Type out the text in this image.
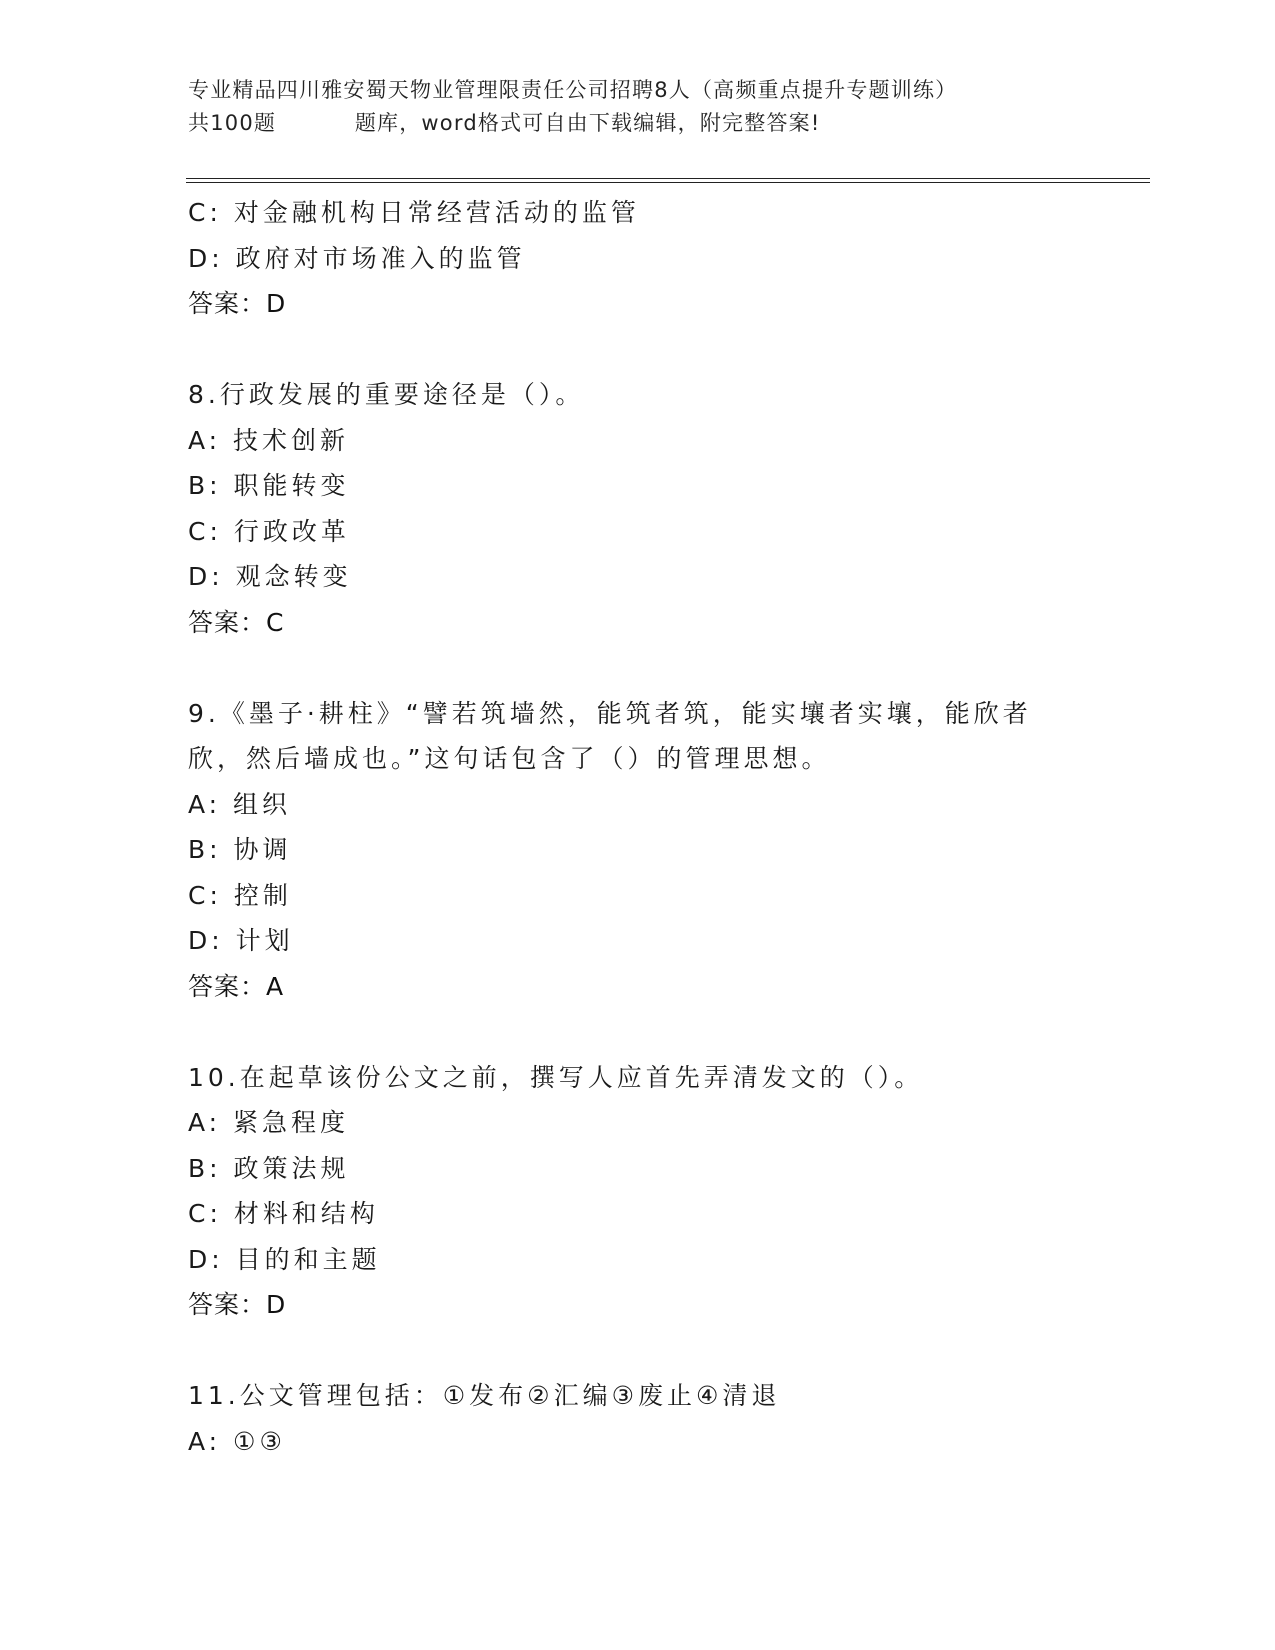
专业精品四川雅安蜀天物业管理限责任公司招聘8人（高频重点提升专题训练）
共100题          题库，word格式可自由下载编辑，附完整答案!
C: 对金融机构日常经营活动的监管
D: 政府对市场准入的监管
答案：D
8.行政发展的重要途径是（）。
A: 技术创新
B: 职能转变
C: 行政改革
D: 观念转变
答案：C
9.《墨子·耕柱》“譬若筑墙然，能筑者筑，能实壤者实壤，能欣者
欣，然后墙成也。”这句话包含了（）的管理思想。
A: 组织
B: 协调
C: 控制
D: 计划
答案：A
10.在起草该份公文之前，撰写人应首先弄清发文的（）。
A: 紧急程度
B: 政策法规
C: 材料和结构
D: 目的和主题
答案：D
11.公文管理包括：①发布②汇编③废止④清退
A: ①③
